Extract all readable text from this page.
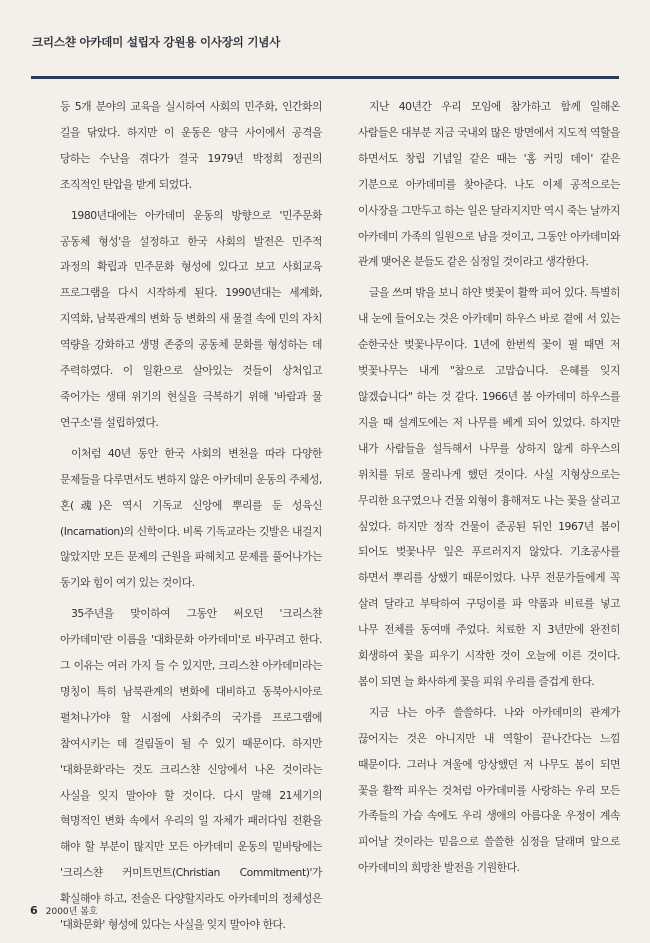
크리스챤 아카데미 설립자 강원용 이사장의 기념사

등 5개 분야의 교육을 실시하여 사회의 민주화, 인간화의 길을 닦았다. 하지만 이 운동은 양극 사이에서 공격을 당하는 수난을 겪다가 결국 1979년 박정희 정권의 조직적인 탄압을 받게 되었다.

1980년대에는 아카데미 운동의 방향으로 '민주문화 공동체 형성'을 설정하고 한국 사회의 발전은 민주적 과정의 확립과 민주문화 형성에 있다고 보고 사회교육 프로그램을 다시 시작하게 된다. 1990년대는 세계화, 지역화, 남북관계의 변화 등 변화의 새 물결 속에 민의 자치 역량을 강화하고 생명 존중의 공동체 문화를 형성하는 데 주력하였다. 이 일환으로 살아있는 것들이 상처입고 죽어가는 생태 위기의 현실을 극복하기 위해 '바람과 물 연구소'를 설립하였다.

이처럼 40년 동안 한국 사회의 변천을 따라 다양한 문제들을 다루면서도 변하지 않은 아카데미 운동의 주체성, 혼(魂)은 역시 기독교 신앙에 뿌리를 둔 성육신(Incarnation)의 신학이다. 비록 기독교라는 깃발은 내걸지 않았지만 모든 문제의 근원을 파헤치고 문제를 풀어나가는 동기와 힘이 여기 있는 것이다.

35주년을 맞이하여 그동안 써오던 '크리스챤 아카데미'란 이름을 '대화문화 아카데미'로 바꾸려고 한다. 그 이유는 여러 가지 들 수 있지만, 크리스챤 아카데미라는 명칭이 특히 남북관계의 변화에 대비하고 동북아시아로 펼쳐나가야 할 시점에 사회주의 국가를 프로그램에 참여시키는 데 걸림돌이 될 수 있기 때문이다. 하지만 '대화문화'라는 것도 크리스챤 신앙에서 나온 것이라는 사실을 잊지 말아야 할 것이다. 다시 말해 21세기의 혁명적인 변화 속에서 우리의 일 자체가 패러다임 전환을 해야 할 부분이 많지만 모든 아카데미 운동의 밑바탕에는 '크리스챤 커미트먼트(Christian Commitment)'가 확실해야 하고, 전술은 다양할지라도 아카데미의 정체성은 '대화문화' 형성에 있다는 사실을 잊지 말아야 한다.

지난 40년간 우리 모임에 참가하고 함께 일해온 사람들은 대부분 지금 국내외 많은 방면에서 지도적 역할을 하면서도 창립 기념일 같은 때는 '홈 커밍 데이' 같은 기분으로 아카데미를 찾아준다. 나도 이제 공적으로는 이사장을 그만두고 하는 일은 달라지지만 역시 죽는 날까지 아카데미 가족의 일원으로 남을 것이고, 그동안 아카데미와 관계 맺어온 분들도 같은 심정일 것이라고 생각한다.

글을 쓰며 밖을 보니 하얀 벚꽃이 활짝 피어 있다. 특별히 내 눈에 들어오는 것은 아카데미 하우스 바로 곁에 서 있는 순한국산 벚꽃나무이다. 1년에 한번씩 꽃이 필 때면 저 벚꽃나무는 내게 "참으로 고맙습니다. 은혜를 잊지 않겠습니다" 하는 것 같다. 1966년 봄 아카데미 하우스를 지을 때 설계도에는 저 나무를 베게 되어 있었다. 하지만 내가 사람들을 설득해서 나무를 상하지 않게 하우스의 위치를 뒤로 물리나게 했던 것이다. 사실 지형상으로는 무리한 요구였으나 건물 외형이 흉해져도 나는 꽃을 살리고 싶었다. 하지만 정작 건물이 준공된 뒤인 1967년 봄이 되어도 벚꽃나무 잎은 푸르러지지 않았다. 기초공사를 하면서 뿌리를 상했기 때문이었다. 나무 전문가들에게 꼭 살려 달라고 부탁하여 구덩이를 파 약품과 비료를 넣고 나무 전체를 동여매 주었다. 치료한 지 3년만에 완전히 회생하여 꽃을 피우기 시작한 것이 오늘에 이른 것이다. 봄이 되면 늘 화사하게 꽃을 피워 우리를 즐겁게 한다.

지금 나는 아주 쓸쓸하다. 나와 아카데미의 관계가 끊어지는 것은 아니지만 내 역할이 끝나간다는 느낌 때문이다. 그러나 겨울에 앙상했던 저 나무도 봄이 되면 꽃을 활짝 피우는 것처럼 아카데미를 사랑하는 우리 모든 가족들의 가슴 속에도 우리 생애의 아름다운 우정이 계속 피어날 것이라는 믿음으로 쓸쓸한 심정을 달래며 앞으로 아카데미의 희망찬 발전을 기원한다.

6 2000년 봄호
